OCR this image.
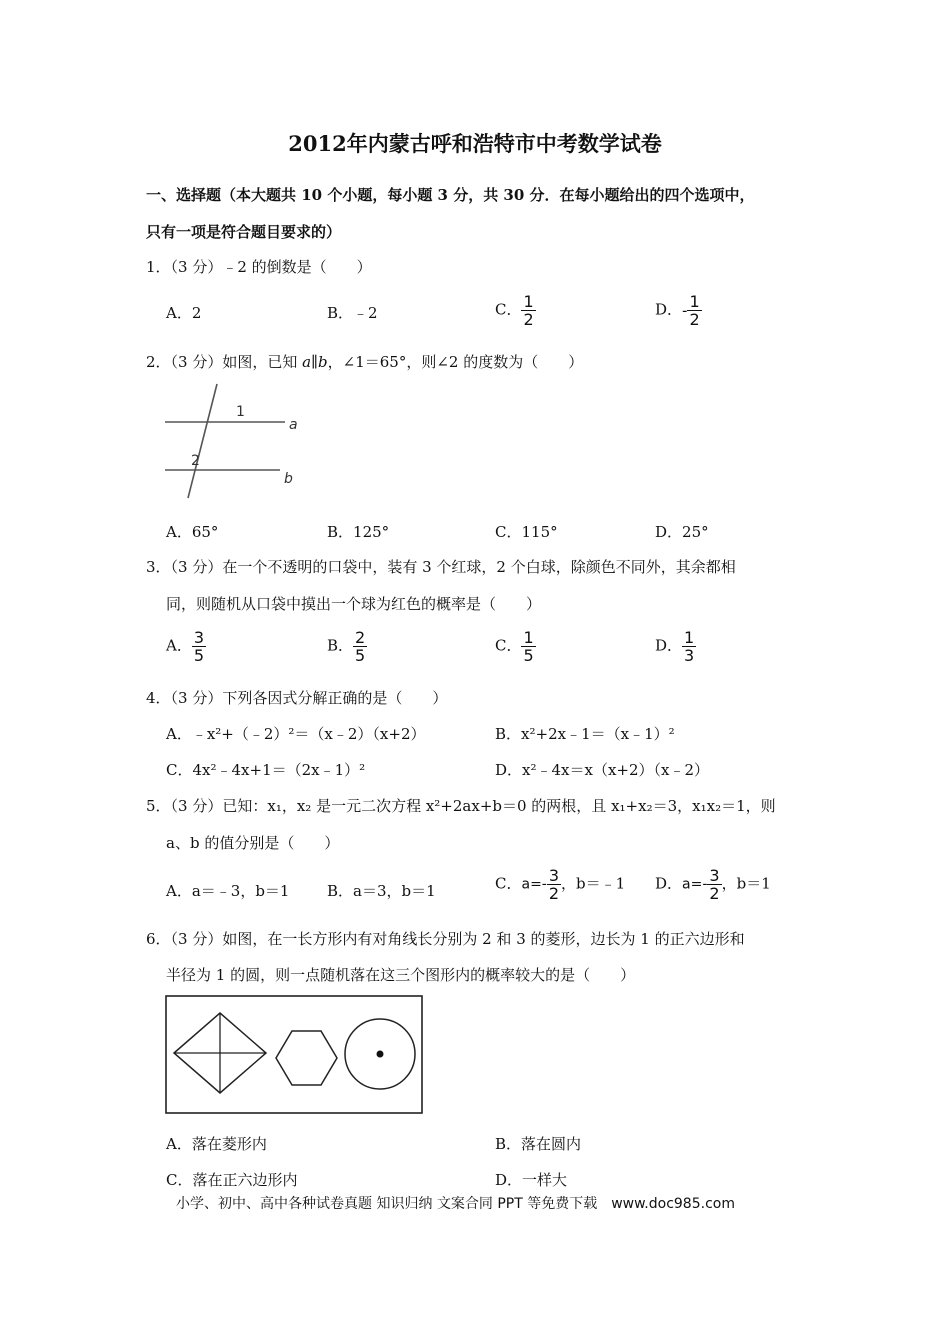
2012年内蒙古呼和浩特市中考数学试卷
一、选择题（本大题共 10 个小题，每小题 3 分，共 30 分．在每小题给出的四个选项中，
只有一项是符合题目要求的）
1．（3 分）﹣2 的倒数是（　　）
A．2	B．﹣2	C． $\frac{1}{2}$	D．- $\frac{1}{2}$
2．（3 分）如图，已知 a∥b，∠1＝65°，则∠2 的度数为（　　）
1
2
a
b
A．65°	B．125°	C．115°	D．25°
3．（3 分）在一个不透明的口袋中，装有 3 个红球，2 个白球，除颜色不同外，其余都相
同，则随机从口袋中摸出一个球为红色的概率是（　　）
A． $\frac{3}{5}$	B． $\frac{2}{5}$	C． $\frac{1}{5}$	D． $\frac{1}{3}$
4．（3 分）下列各因式分解正确的是（　　）
A．﹣x²+（﹣2）²＝（x﹣2）（x+2）	B．x²+2x﹣1＝（x﹣1）²
C．4x²﹣4x+1＝（2x﹣1）²	D．x²﹣4x＝x（x+2）（x﹣2）
5．（3 分）已知：x₁，x₂ 是一元二次方程 x²+2ax+b＝0 的两根，且 x₁+x₂＝3，x₁x₂＝1，则
a、b 的值分别是（　　）
A．a＝﹣3，b＝1	B．a＝3，b＝1	C．$a=- \frac{3}{2}$ ，b＝﹣1 D．$a=- \frac{3}{2}$ ，b＝1
6．（3 分）如图，在一长方形内有对角线长分别为 2 和 3 的菱形，边长为 1 的正六边形和
半径为 1 的圆，则一点随机落在这三个图形内的概率较大的是（　　）
A．落在菱形内	B．落在圆内
C．落在正六边形内	D．一样大
小学、初中、高中各种试卷真题 知识归纳 文案合同 PPT 等免费下载　www.doc985.com
